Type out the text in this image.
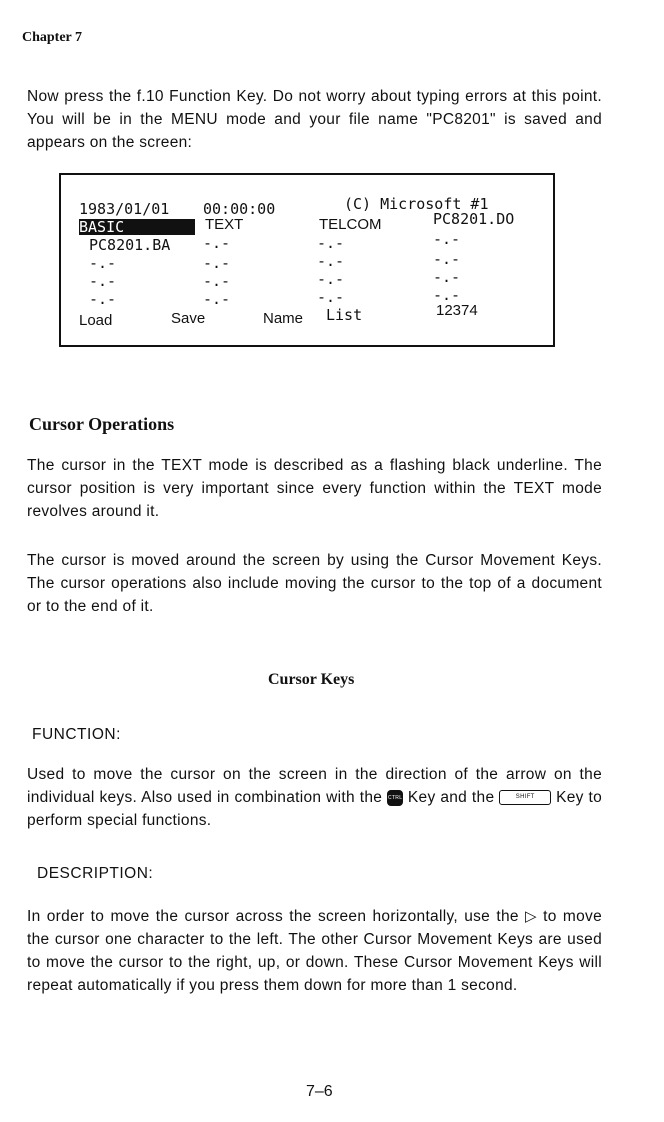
Chapter 7

Now press the f.10 Function Key. Do not worry about typing errors at this point. You will be in the MENU mode and your file name "PC8201" is saved and appears on the screen:

1983/01/01 00:00:00	(C) Microsoft #1
BASIC	TEXT	TELCOM	PC8201.DO
PC8201.BA -.-	-.-	-.-
-.-	-.-	-.-	-.-
-.-	-.-	-.-	-.-
-.-	-.-	-.-	-.-
Load	Save	Name List	12374
Cursor Operations

The cursor in the TEXT mode is described as a flashing black underline. The cursor position is very important since every function within the TEXT mode revolves around it.

The cursor is moved around the screen by using the Cursor Movement Keys. The cursor operations also include moving the cursor to the top of a document or to the end of it.

Cursor Keys
FUNCTION:

Used to move the cursor on the screen in the direction of the arrow on the individual keys. Also used in combination with the CTRL Key and the	SHIFT Key to perform special functions.

DESCRIPTION:

In order to move the cursor across the screen horizontally, use the ▷ to move the cursor one character to the left. The other Cursor Movement Keys are used to move the cursor to the right, up, or down. These Cursor Movement Keys will repeat automatically if you press them down for more than 1 second.

7–6
